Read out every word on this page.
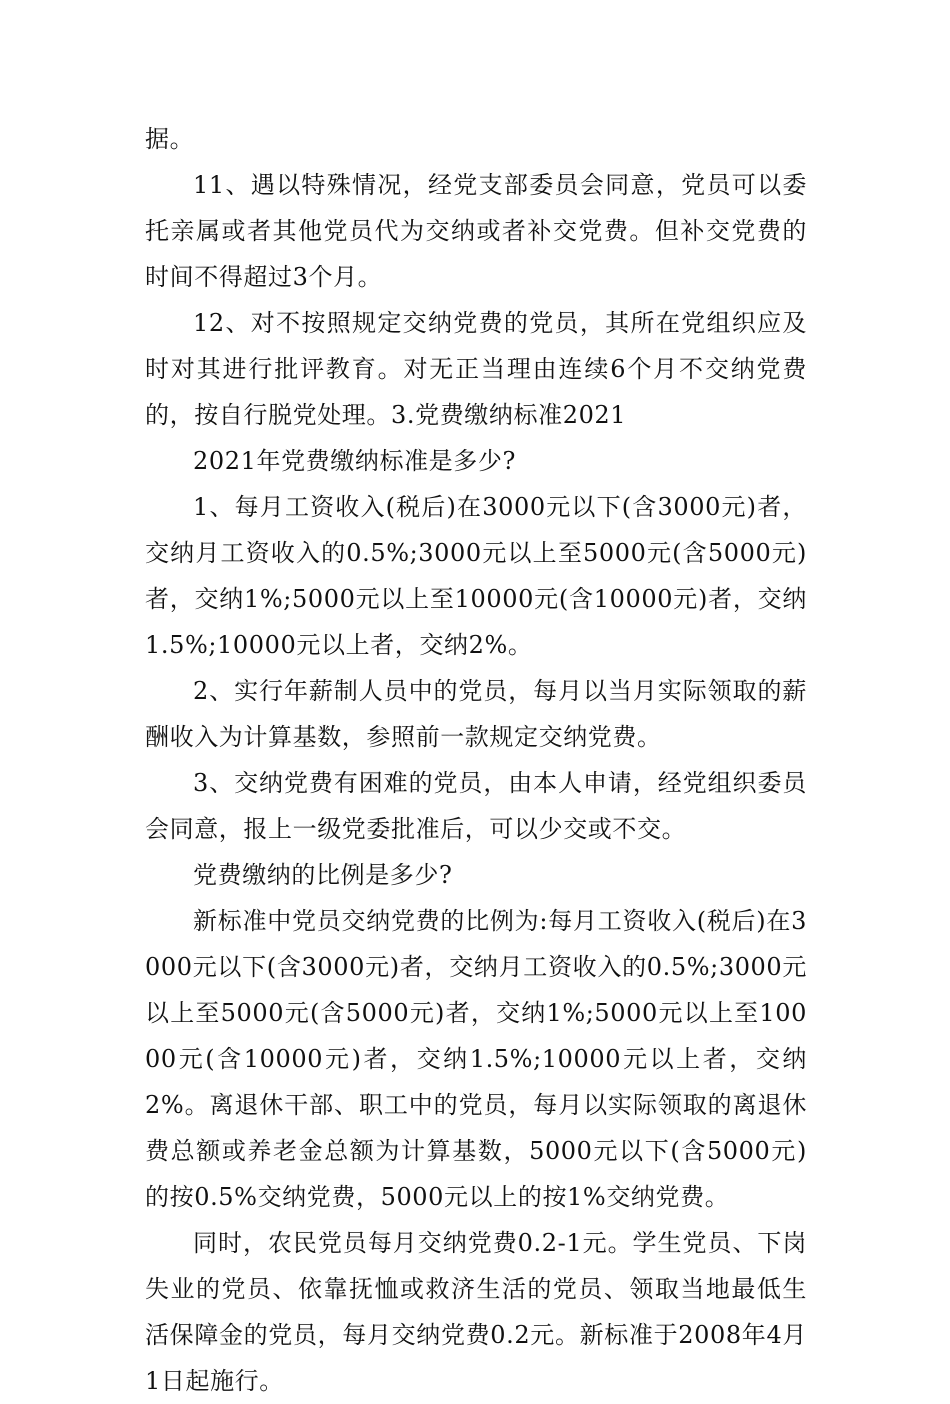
据。

11、遇以特殊情况，经党支部委员会同意，党员可以委托亲属或者其他党员代为交纳或者补交党费。但补交党费的时间不得超过3个月。

12、对不按照规定交纳党费的党员，其所在党组织应及时对其进行批评教育。对无正当理由连续6个月不交纳党费的，按自行脱党处理。3.党费缴纳标准2021

2021年党费缴纳标准是多少?

1、每月工资收入(税后)在3000元以下(含3000元)者，交纳月工资收入的0.5%;3000元以上至5000元(含5000元)者，交纳1%;5000元以上至10000元(含10000元)者，交纳1.5%;10000元以上者，交纳2%。

2、实行年薪制人员中的党员，每月以当月实际领取的薪酬收入为计算基数，参照前一款规定交纳党费。

3、交纳党费有困难的党员，由本人申请，经党组织委员会同意，报上一级党委批准后，可以少交或不交。

党费缴纳的比例是多少?

新标准中党员交纳党费的比例为:每月工资收入(税后)在3000元以下(含3000元)者，交纳月工资收入的0.5%;3000元以上至5000元(含5000元)者，交纳1%;5000元以上至10000元(含10000元)者，交纳1.5%;10000元以上者，交纳2%。离退休干部、职工中的党员，每月以实际领取的离退休费总额或养老金总额为计算基数，5000元以下(含5000元)的按0.5%交纳党费，5000元以上的按1%交纳党费。

同时，农民党员每月交纳党费0.2-1元。学生党员、下岗失业的党员、依靠抚恤或救济生活的党员、领取当地最低生活保障金的党员，每月交纳党费0.2元。新标准于2008年4月1日起施行。
